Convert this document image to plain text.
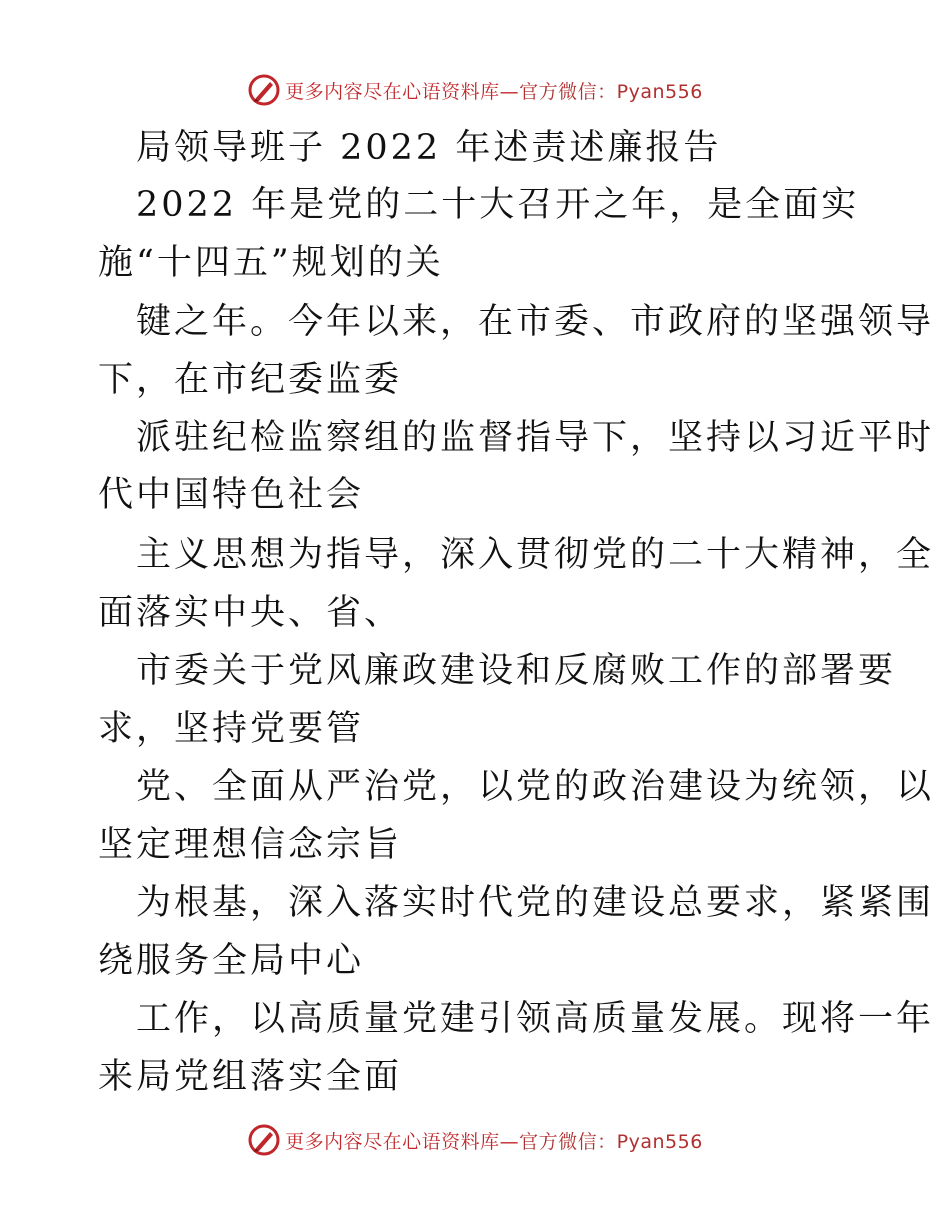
更多内容尽在心语资料库— 官方微信：Pyan556
局领导班子 2022 年述责述廉报告
2022 年是党的二十大召开之年，是全面实
施“十四五”规划的关
键之年。今年以来，在市委、市政府的坚强领导
下，在市纪委监委
派驻纪检监察组的监督指导下，坚持以习近平时
代中国特色社会
主义思想为指导，深入贯彻党的二十大精神，全
面落实中央、省、
市委关于党风廉政建设和反腐败工作的部署要
求，坚持党要管
党、全面从严治党，以党的政治建设为统领，以
坚定理想信念宗旨
为根基，深入落实时代党的建设总要求，紧紧围
绕服务全局中心
工作，以高质量党建引领高质量发展。现将一年
来局党组落实全面
更多内容尽在心语资料库— 官方微信：Pyan556
